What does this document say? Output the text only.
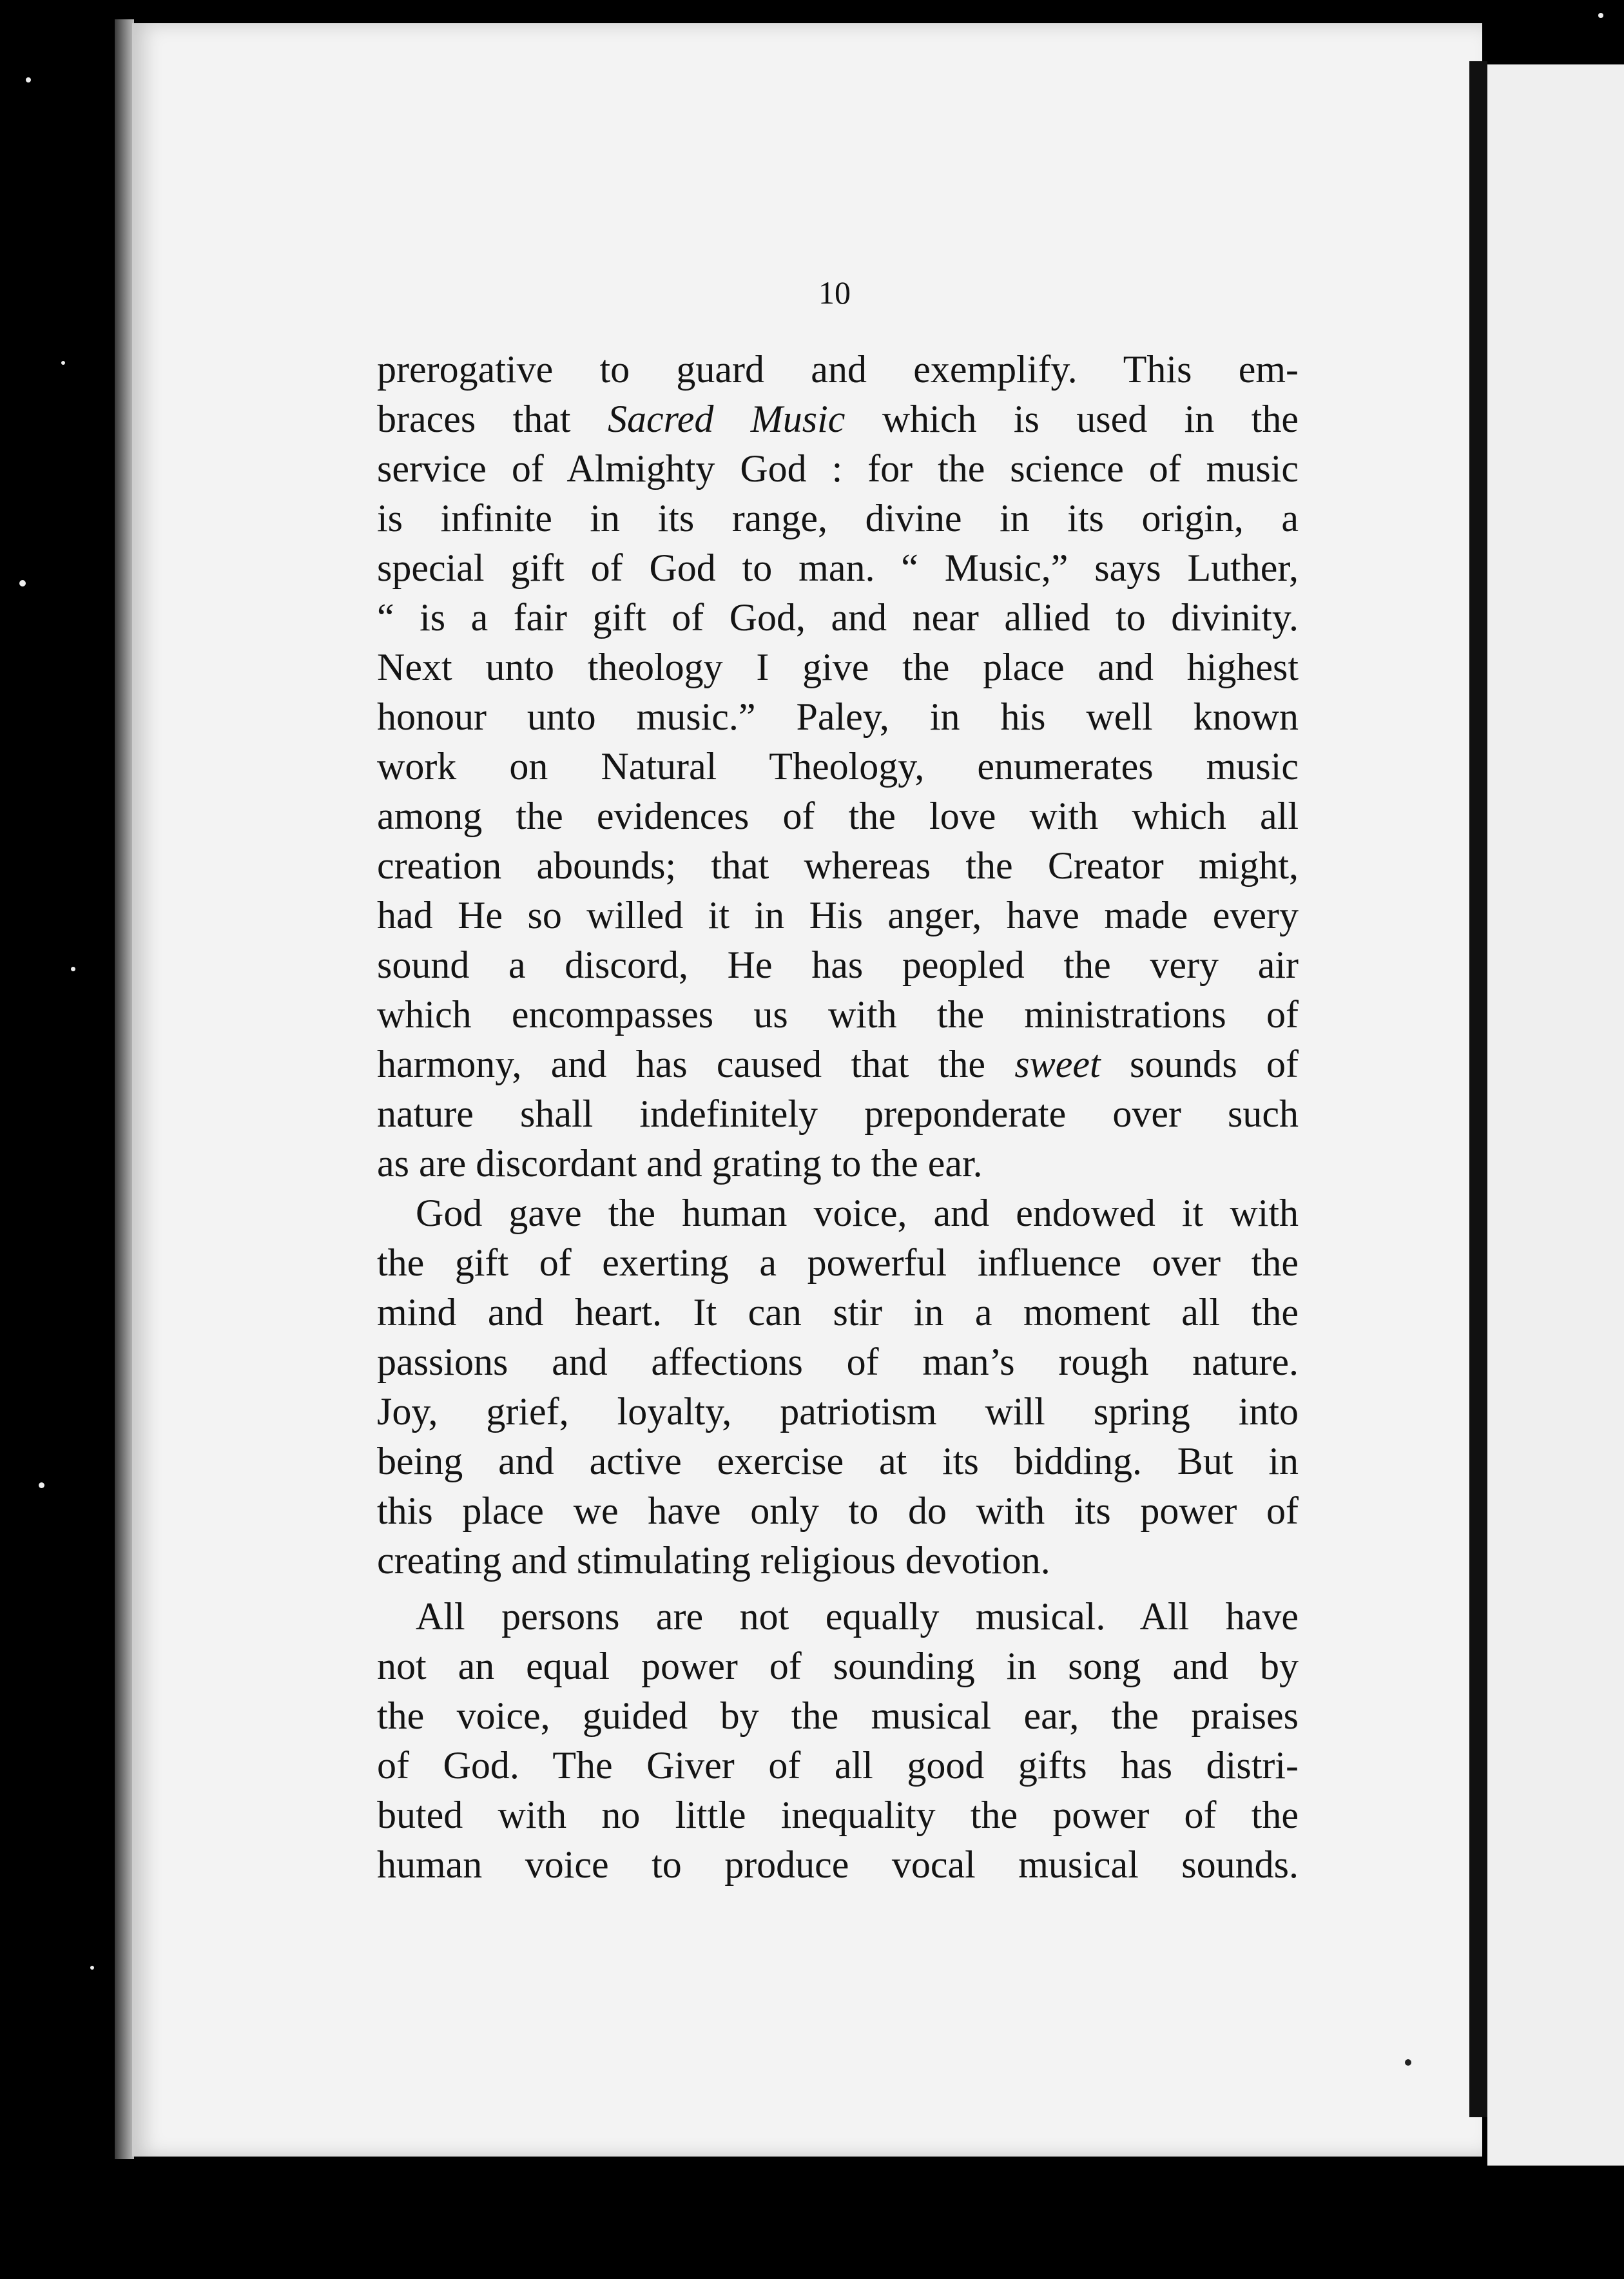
10
prerogative to guard and exemplify. This em-
braces that Sacred Music which is used in the
service of Almighty God : for the science of music
is infinite in its range, divine in its origin, a
special gift of God to man. “ Music,” says Luther,
“ is a fair gift of God, and near allied to divinity.
Next unto theology I give the place and highest
honour unto music.” Paley, in his well known
work on Natural Theology, enumerates music
among the evidences of the love with which all
creation abounds; that whereas the Creator might,
had He so willed it in His anger, have made every
sound a discord, He has peopled the very air
which encompasses us with the ministrations of
harmony, and has caused that the sweet sounds of
nature shall indefinitely preponderate over such
as are discordant and grating to the ear.
God gave the human voice, and endowed it with
the gift of exerting a powerful influence over the
mind and heart. It can stir in a moment all the
passions and affections of man’s rough nature.
Joy, grief, loyalty, patriotism will spring into
being and active exercise at its bidding. But in
this place we have only to do with its power of
creating and stimulating religious devotion.
All persons are not equally musical. All have
not an equal power of sounding in song and by
the voice, guided by the musical ear, the praises
of God. The Giver of all good gifts has distri-
buted with no little inequality the power of the
human voice to produce vocal musical sounds.
